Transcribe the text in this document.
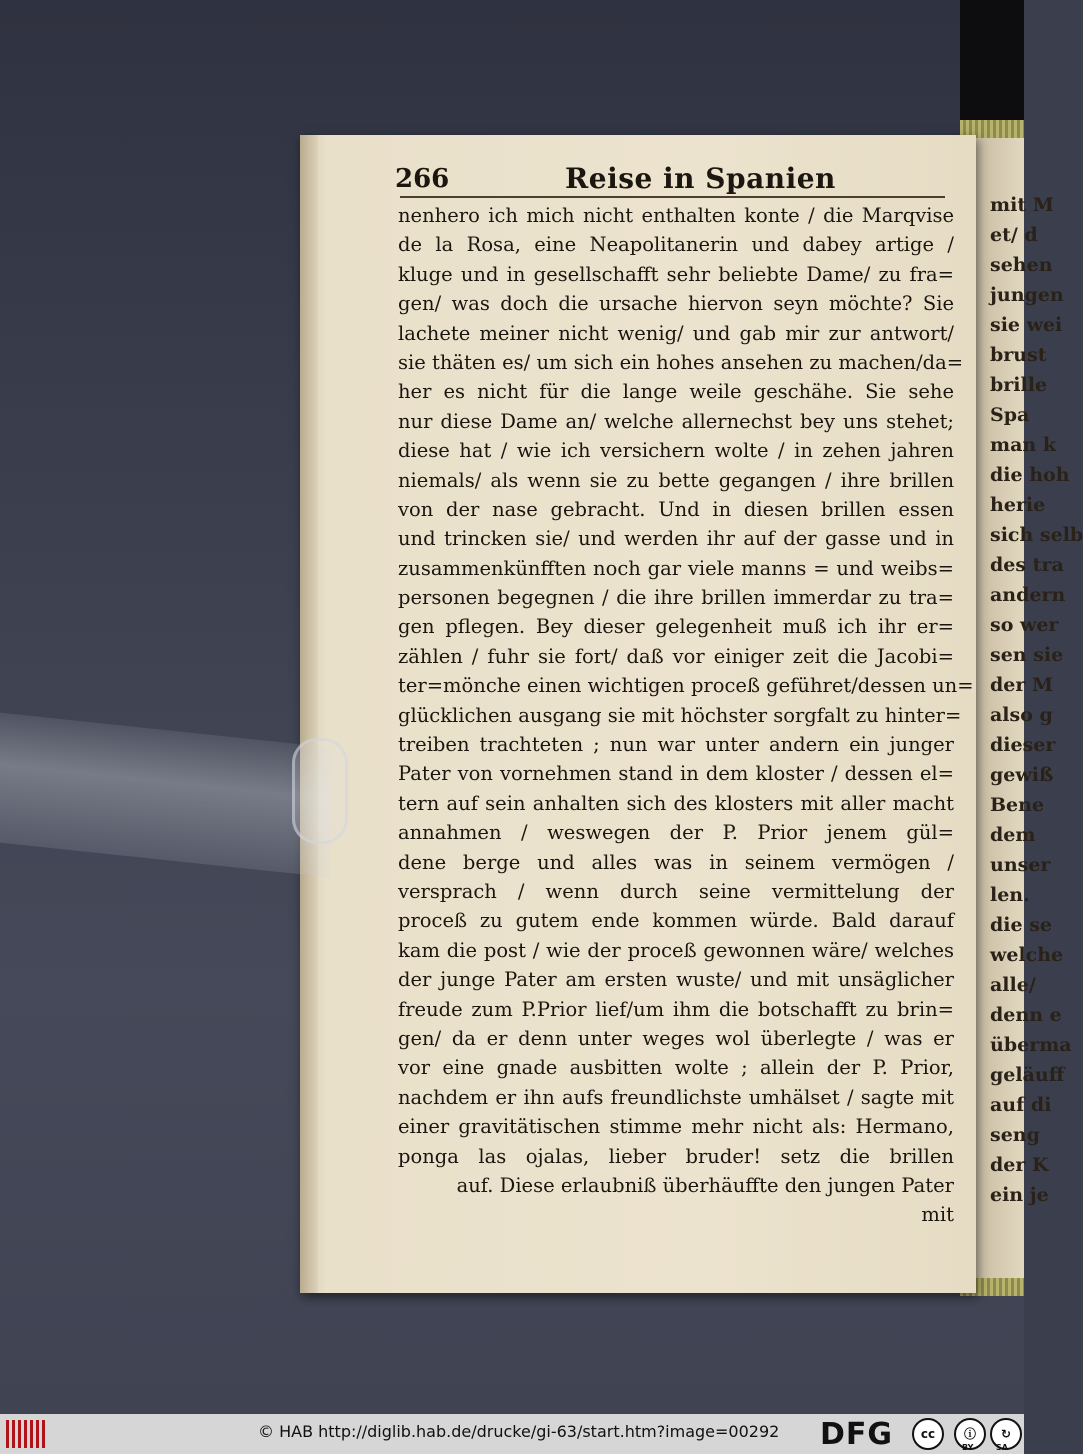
mit M
et/ d
sehen
jungen
sie wei
brust
brille
Spa
man k
die hoh
herie
sich selb
des tra
andern
so wer
sen sie
der M
also g
dieser
gewiß
Bene
dem
unser
len.
die se
welche
alle/
denn e
überma
geläuff
auf di
seng
der K
ein je
266	Reise in Spanien
nenhero ich mich nicht enthalten konte / die Marqvise
de la Rosa, eine Neapolitanerin und dabey artige /
kluge und in gesellschafft sehr beliebte Dame/ zu fra=
gen/ was doch die ursache hiervon seyn möchte? Sie
lachete meiner nicht wenig/ und gab mir zur antwort/
sie thäten es/ um sich ein hohes ansehen zu machen/da=
her es nicht für die lange weile geschähe. Sie sehe
nur diese Dame an/ welche allernechst bey uns stehet;
diese hat / wie ich versichern wolte / in zehen jahren
niemals/ als wenn sie zu bette gegangen / ihre brillen
von der nase gebracht. Und in diesen brillen essen
und trincken sie/ und werden ihr auf der gasse und in
zusammenkünfften noch gar viele manns = und weibs=
personen begegnen / die ihre brillen immerdar zu tra=
gen pflegen. Bey dieser gelegenheit muß ich ihr er=
zählen / fuhr sie fort/ daß vor einiger zeit die Jacobi=
ter=mönche einen wichtigen proceß geführet/dessen un=
glücklichen ausgang sie mit höchster sorgfalt zu hinter=
treiben trachteten ; nun war unter andern ein junger
Pater von vornehmen stand in dem kloster / dessen el=
tern auf sein anhalten sich des klosters mit aller macht
annahmen / weswegen der P. Prior jenem gül=
dene berge und alles was in seinem vermögen /
versprach / wenn durch seine vermittelung der
proceß zu gutem ende kommen würde. Bald darauf
kam die post / wie der proceß gewonnen wäre/ welches
der junge Pater am ersten wuste/ und mit unsäglicher
freude zum P.Prior lief/um ihm die botschafft zu brin=
gen/ da er denn unter weges wol überlegte / was er
vor eine gnade ausbitten wolte ; allein der P. Prior,
nachdem er ihn aufs freundlichste umhälset / sagte mit
einer gravitätischen stimme mehr nicht als: Hermano,
ponga las ojalas, lieber bruder! setz die brillen
auf. Diese erlaubniß überhäuffte den jungen Pater
mit
© HAB http://diglib.hab.de/drucke/gi-63/start.htm?image=00292 DFG	cc	ⓘ	↻
BY	SA
